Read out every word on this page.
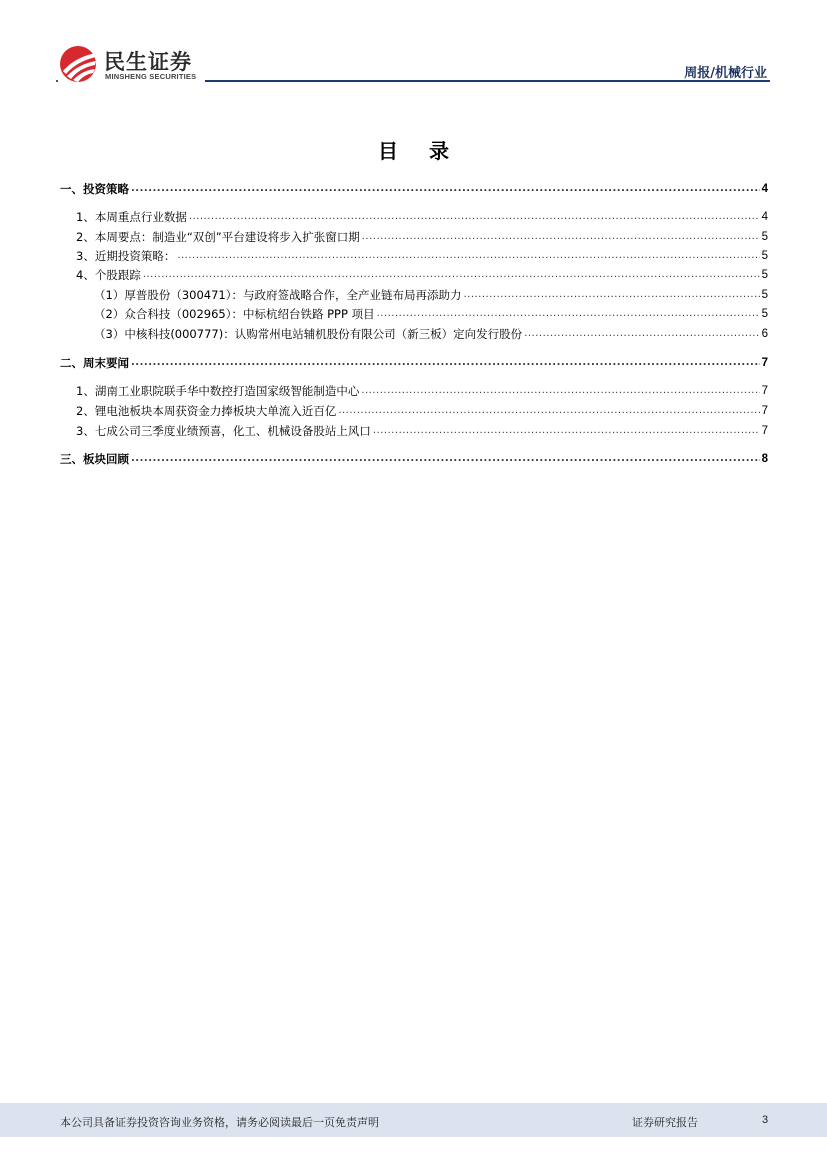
民生证券
MINSHENG SECURITIES	周报/机械行业
目 录
一、投资策略 .....	4
1、本周重点行业数据 .....	4
2、本周要点：制造业“双创”平台建设将步入扩张窗口期 .....	5
3、近期投资策略： .....	5
4、个股跟踪 .....	5
（1）厚普股份（300471）：与政府签战略合作，全产业链布局再添助力 .....	5
（2）众合科技（002965）：中标杭绍台铁路 PPP 项目 .....	5
（3）中核科技(000777)：认购常州电站辅机股份有限公司（新三板）定向发行股份 .....	6
二、周末要闻 .....	7
1、湖南工业职院联手华中数控打造国家级智能制造中心 .....	7
2、锂电池板块本周获资金力捧板块大单流入近百亿 .....	7
3、七成公司三季度业绩预喜，化工、机械设备股站上风口 .....	7
三、板块回顾 .....	8
本公司具备证券投资咨询业务资格，请务必阅读最后一页免责声明	证券研究报告	3
